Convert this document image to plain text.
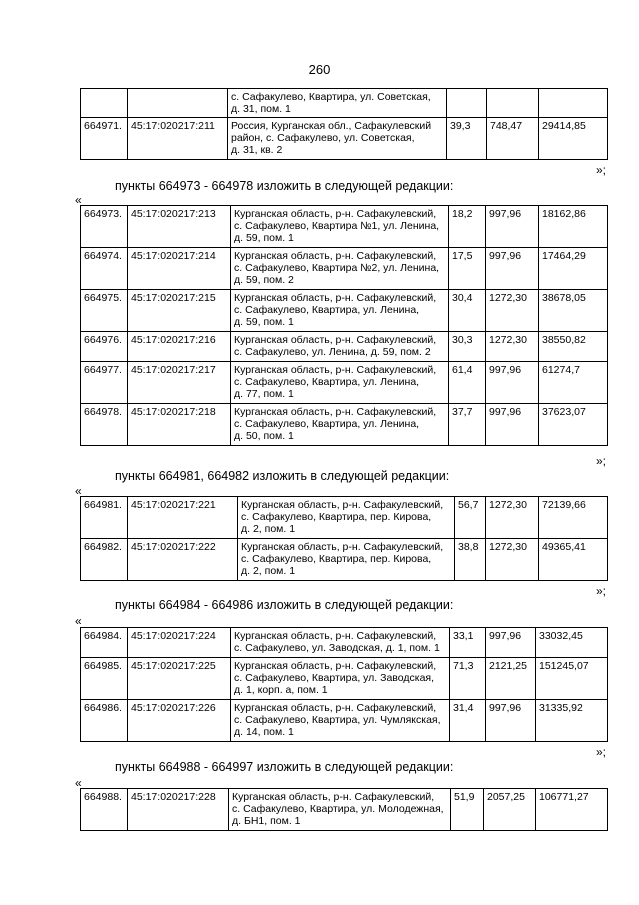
260
		с. Сафакулево, Квартира, ул. Советская,
д. 31, пом. 1			
664971.	45:17:020217:211	Россия, Курганская обл., Сафакулевский
район, с. Сафакулево, ул. Советская,
д. 31, кв. 2	39,3	748,47	29414,85
»;
пункты 664973 - 664978 изложить в следующей редакции:
«
664973.	45:17:020217:213	Курганская область, р-н. Сафакулевский,
с. Сафакулево, Квартира №1, ул. Ленина,
д. 59, пом. 1	18,2	997,96	18162,86
664974.	45:17:020217:214	Курганская область, р-н. Сафакулевский,
с. Сафакулево, Квартира №2, ул. Ленина,
д. 59, пом. 2	17,5	997,96	17464,29
664975.	45:17:020217:215	Курганская область, р-н. Сафакулевский,
с. Сафакулево, Квартира, ул. Ленина,
д. 59, пом. 1	30,4	1272,30	38678,05
664976.	45:17:020217:216	Курганская область, р-н. Сафакулевский,
с. Сафакулево, ул. Ленина, д. 59, пом. 2	30,3	1272,30	38550,82
664977.	45:17:020217:217	Курганская область, р-н. Сафакулевский,
с. Сафакулево, Квартира, ул. Ленина,
д. 77, пом. 1	61,4	997,96	61274,7
664978.	45:17:020217:218	Курганская область, р-н. Сафакулевский,
с. Сафакулево, Квартира, ул. Ленина,
д. 50, пом. 1	37,7	997,96	37623,07
»;
пункты 664981, 664982 изложить в следующей редакции:
«
664981.	45:17:020217:221	Курганская область, р-н. Сафакулевский,
с. Сафакулево, Квартира, пер. Кирова,
д. 2, пом. 1	56,7	1272,30	72139,66
664982.	45:17:020217:222	Курганская область, р-н. Сафакулевский,
с. Сафакулево, Квартира, пер. Кирова,
д. 2, пом. 1	38,8	1272,30	49365,41
»;
пункты 664984 - 664986 изложить в следующей редакции:
«
664984.	45:17:020217:224	Курганская область, р-н. Сафакулевский,
с. Сафакулево, ул. Заводская, д. 1, пом. 1	33,1	997,96	33032,45
664985.	45:17:020217:225	Курганская область, р-н. Сафакулевский,
с. Сафакулево, Квартира, ул. Заводская,
д. 1, корп. а, пом. 1	71,3	2121,25	151245,07
664986.	45:17:020217:226	Курганская область, р-н. Сафакулевский,
с. Сафакулево, Квартира, ул. Чумлякская,
д. 14, пом. 1	31,4	997,96	31335,92
»;
пункты 664988 - 664997 изложить в следующей редакции:
«
664988.	45:17:020217:228	Курганская область, р-н. Сафакулевский,
с. Сафакулево, Квартира, ул. Молодежная,
д. БН1, пом. 1	51,9	2057,25	106771,27
